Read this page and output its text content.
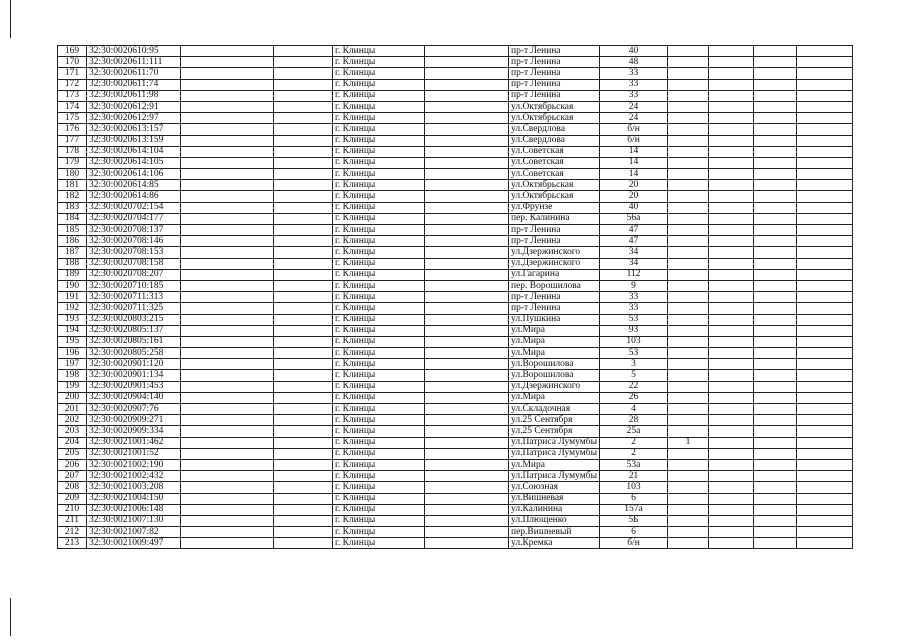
169	32:30:0020610:95			г. Клинцы		пр-т Ленина	40				
170	32:30:0020611:111			г. Клинцы		пр-т Ленина	48				
171	32:30:0020611:70			г. Клинцы		пр-т Ленина	33				
172	32:30:0020611:74			г. Клинцы		пр-т Ленина	33				
173	32:30:0020611:98			г. Клинцы		пр-т Ленина	33				
174	32:30:0020612:91			г. Клинцы		ул.Октябрьская	24				
175	32:30:0020612:97			г. Клинцы		ул.Октябрьская	24				
176	32:30:0020613:157			г. Клинцы		ул.Свердлова	б/н				
177	32:30:0020613:159			г. Клинцы		ул.Свердлова	б/н				
178	32:30:0020614:104			г. Клинцы		ул.Советская	14				
179	32:30:0020614:105			г. Клинцы		ул.Советская	14				
180	32:30:0020614:106			г. Клинцы		ул.Советская	14				
181	32:30:0020614:85			г. Клинцы		ул.Октябрьская	20				
182	32:30:0020614:86			г. Клинцы		ул.Октябрьская	20				
183	32:30:0020702:154			г. Клинцы		ул.Фрунзе	40				
184	32:30:0020704:177			г. Клинцы		пер. Калинина	56а				
185	32:30:0020708:137			г. Клинцы		пр-т Ленина	47				
186	32:30:0020708:146			г. Клинцы		пр-т Ленина	47				
187	32:30:0020708:153			г. Клинцы		ул.Дзержинского	34				
188	32:30:0020708:158			г. Клинцы		ул.Дзержинского	34				
189	32:30:0020708:207			г. Клинцы		ул.Гагарина	112				
190	32:30:0020710:185			г. Клинцы		пер. Ворошилова	9				
191	32:30:0020711:313			г. Клинцы		пр-т Ленина	33				
192	32:30:0020711:325			г. Клинцы		пр-т Ленина	33				
193	32:30:0020803:215			г. Клинцы		ул.Пушкина	53				
194	32:30:0020805:137			г. Клинцы		ул.Мира	93				
195	32:30:0020805:161			г. Клинцы		ул.Мира	103				
196	32:30:0020805:258			г. Клинцы		ул.Мира	53				
197	32:30:0020901:120			г. Клинцы		ул.Ворошилова	3				
198	32:30:0020901:134			г. Клинцы		ул.Ворошилова	5				
199	32:30:0020901:453			г. Клинцы		ул.Дзержинского	22				
200	32:30:0020904:140			г. Клинцы		ул.Мира	26				
201	32:30:0020907:76			г. Клинцы		ул.Складочная	4				
202	32:30:0020909:271			г. Клинцы		ул.25 Сентября	28				
203	32:30:0020909:334			г. Клинцы		ул.25 Сентября	25а				
204	32:30:0021001:462			г. Клинцы		ул.Патриса Лумумбы	2	1			
205	32:30:0021001:52			г. Клинцы		ул.Патриса Лумумбы	2				
206	32:30:0021002:190			г. Клинцы		ул.Мира	53а				
207	32:30:0021002:432			г. Клинцы		ул.Патриса Лумумбы	21				
208	32:30:0021003:208			г. Клинцы		ул.Союзная	103				
209	32:30:0021004:150			г. Клинцы		ул.Вишневая	6				
210	32:30:0021006:148			г. Клинцы		ул.Калинина	157а				
211	32:30:0021007:130			г. Клинцы		ул.Плющенко	5Б				
212	32:30:0021007:82			г. Клинцы		пер.Вишневый	6				
213	32:30:0021009:497			г. Клинцы		ул.Кремка	б/н				
